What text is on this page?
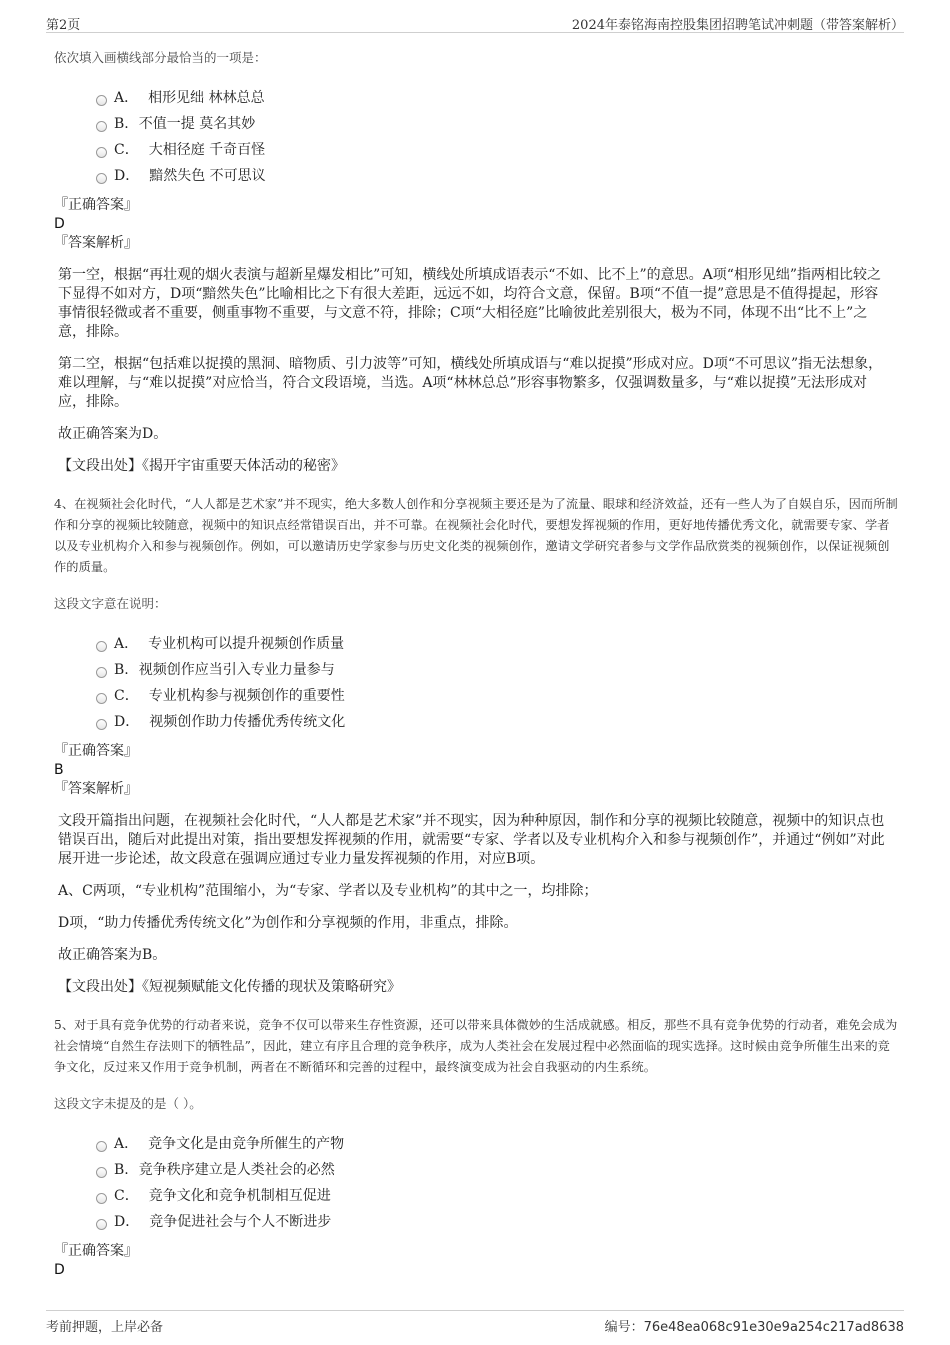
第2页	2024年泰铭海南控股集团招聘笔试冲刺题（带答案解析）
依次填入画横线部分最恰当的一项是：
A． 相形见绌 林林总总
B. 不值一提 莫名其妙
C． 大相径庭 千奇百怪
D． 黯然失色 不可思议
『正确答案』
D
『答案解析』
第一空，根据“再壮观的烟火表演与超新星爆发相比”可知，横线处所填成语表示“不如、比不上”的意思。A项“相形见绌”指两相比较之下显得不如对方，D项“黯然失色”比喻相比之下有很大差距，远远不如，均符合文意，保留。B项“不值一提”意思是不值得提起，形容事情很轻微或者不重要，侧重事物不重要，与文意不符，排除；C项“大相径庭”比喻彼此差别很大，极为不同，体现不出“比不上”之意，排除。
第二空，根据“包括难以捉摸的黑洞、暗物质、引力波等”可知，横线处所填成语与“难以捉摸”形成对应。D项“不可思议”指无法想象，难以理解，与“难以捉摸”对应恰当，符合文段语境，当选。A项“林林总总”形容事物繁多，仅强调数量多，与“难以捉摸”无法形成对应，排除。
故正确答案为D。
【文段出处】《揭开宇宙重要天体活动的秘密》
4、在视频社会化时代，“人人都是艺术家”并不现实，绝大多数人创作和分享视频主要还是为了流量、眼球和经济效益，还有一些人为了自娱自乐，因而所制作和分享的视频比较随意，视频中的知识点经常错误百出，并不可靠。在视频社会化时代，要想发挥视频的作用，更好地传播优秀文化，就需要专家、学者以及专业机构介入和参与视频创作。例如，可以邀请历史学家参与历史文化类的视频创作，邀请文学研究者参与文学作品欣赏类的视频创作，以保证视频创作的质量。
这段文字意在说明：
A． 专业机构可以提升视频创作质量
B. 视频创作应当引入专业力量参与
C． 专业机构参与视频创作的重要性
D． 视频创作助力传播优秀传统文化
『正确答案』
B
『答案解析』
文段开篇指出问题，在视频社会化时代，“人人都是艺术家”并不现实，因为种种原因，制作和分享的视频比较随意，视频中的知识点也错误百出，随后对此提出对策，指出要想发挥视频的作用，就需要“专家、学者以及专业机构介入和参与视频创作”，并通过“例如”对此展开进一步论述，故文段意在强调应通过专业力量发挥视频的作用，对应B项。
A、C两项，“专业机构”范围缩小，为“专家、学者以及专业机构”的其中之一，均排除；
D项，“助力传播优秀传统文化”为创作和分享视频的作用，非重点，排除。
故正确答案为B。
【文段出处】《短视频赋能文化传播的现状及策略研究》
5、对于具有竞争优势的行动者来说，竞争不仅可以带来生存性资源，还可以带来具体微妙的生活成就感。相反，那些不具有竞争优势的行动者，难免会成为社会情境“自然生存法则下的牺牲品”，因此，建立有序且合理的竞争秩序，成为人类社会在发展过程中必然面临的现实选择。这时候由竞争所催生出来的竞争文化，反过来又作用于竞争机制，两者在不断循环和完善的过程中，最终演变成为社会自我驱动的内生系统。
这段文字未提及的是（ ）。
A． 竞争文化是由竞争所催生的产物
B. 竞争秩序建立是人类社会的必然
C． 竞争文化和竞争机制相互促进
D． 竞争促进社会与个人不断进步
『正确答案』
D
考前押题，上岸必备	编号：76e48ea068c91e30e9a254c217ad8638
